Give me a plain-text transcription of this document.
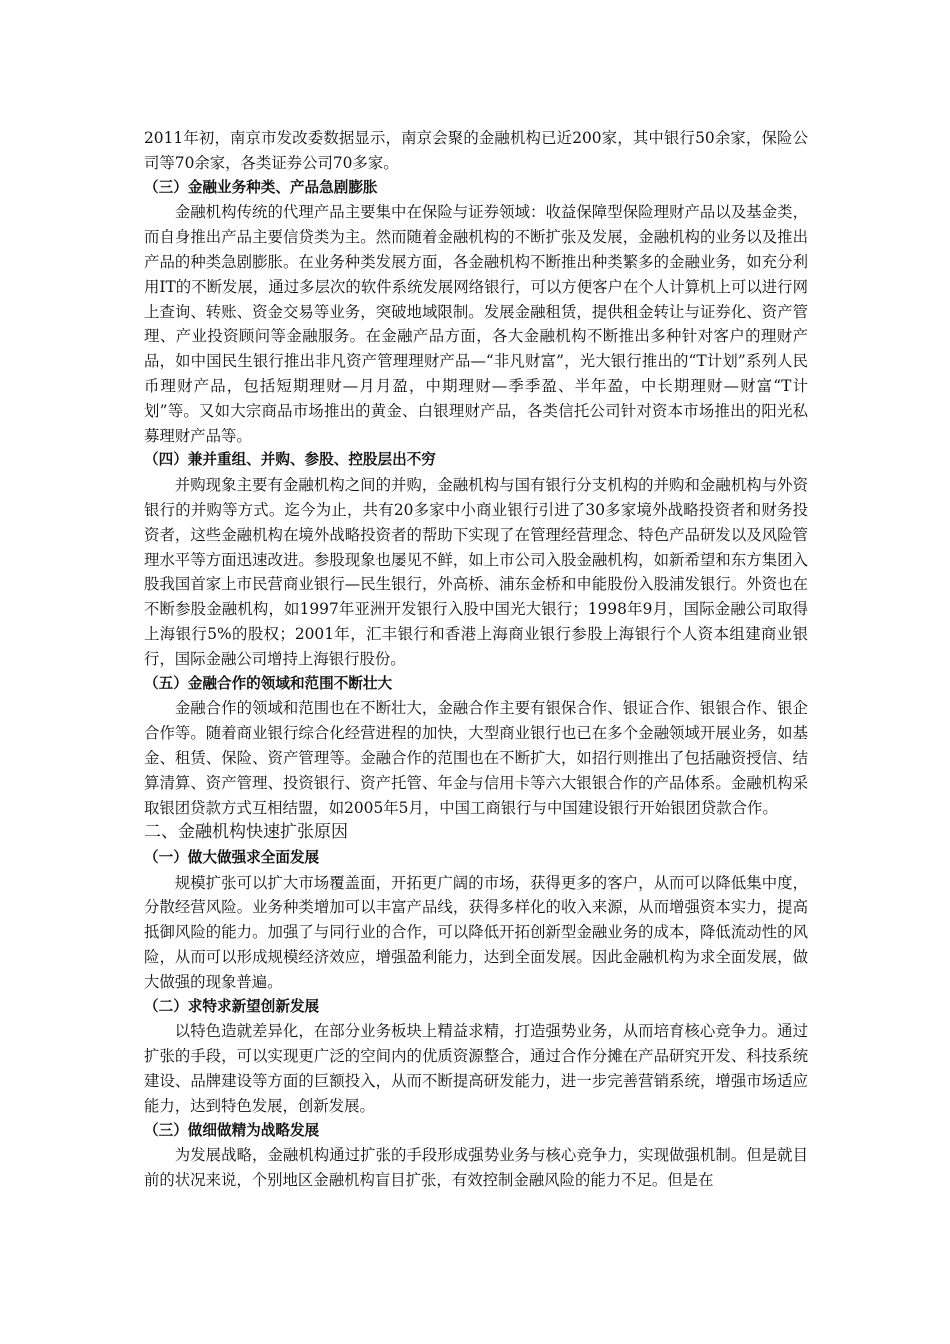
2011年初，南京市发改委数据显示，南京会聚的金融机构已近200家，其中银行50余家，保险公司等70余家，各类证券公司70多家。

（三）金融业务种类、产品急剧膨胀

金融机构传统的代理产品主要集中在保险与证券领域：收益保障型保险理财产品以及基金类，而自身推出产品主要信贷类为主。然而随着金融机构的不断扩张及发展，金融机构的业务以及推出产品的种类急剧膨胀。在业务种类发展方面，各金融机构不断推出种类繁多的金融业务，如充分利用IT的不断发展，通过多层次的软件系统发展网络银行，可以方便客户在个人计算机上可以进行网上查询、转账、资金交易等业务，突破地域限制。发展金融租赁，提供租金转让与证券化、资产管理、产业投资顾问等金融服务。在金融产品方面，各大金融机构不断推出多种针对客户的理财产品，如中国民生银行推出非凡资产管理理财产品—“非凡财富”，光大银行推出的“T计划”系列人民币理财产品，包括短期理财—月月盈，中期理财—季季盈、半年盈，中长期理财—财富“T计划”等。又如大宗商品市场推出的黄金、白银理财产品，各类信托公司针对资本市场推出的阳光私募理财产品等。

（四）兼并重组、并购、参股、控股层出不穷

并购现象主要有金融机构之间的并购，金融机构与国有银行分支机构的并购和金融机构与外资银行的并购等方式。迄今为止，共有20多家中小商业银行引进了30多家境外战略投资者和财务投资者，这些金融机构在境外战略投资者的帮助下实现了在管理经营理念、特色产品研发以及风险管理水平等方面迅速改进。参股现象也屡见不鲜，如上市公司入股金融机构，如新希望和东方集团入股我国首家上市民营商业银行—民生银行，外高桥、浦东金桥和申能股份入股浦发银行。外资也在不断参股金融机构，如1997年亚洲开发银行入股中国光大银行；1998年9月，国际金融公司取得上海银行5%的股权；2001年，汇丰银行和香港上海商业银行参股上海银行个人资本组建商业银行，国际金融公司增持上海银行股份。

（五）金融合作的领域和范围不断壮大

金融合作的领域和范围也在不断壮大，金融合作主要有银保合作、银证合作、银银合作、银企合作等。随着商业银行综合化经营进程的加快，大型商业银行也已在多个金融领域开展业务，如基金、租赁、保险、资产管理等。金融合作的范围也在不断扩大，如招行则推出了包括融资授信、结算清算、资产管理、投资银行、资产托管、年金与信用卡等六大银银合作的产品体系。金融机构采取银团贷款方式互相结盟，如2005年5月，中国工商银行与中国建设银行开始银团贷款合作。

二、金融机构快速扩张原因

（一）做大做强求全面发展

规模扩张可以扩大市场覆盖面，开拓更广阔的市场，获得更多的客户，从而可以降低集中度，分散经营风险。业务种类增加可以丰富产品线，获得多样化的收入来源，从而增强资本实力，提高抵御风险的能力。加强了与同行业的合作，可以降低开拓创新型金融业务的成本，降低流动性的风险，从而可以形成规模经济效应，增强盈利能力，达到全面发展。因此金融机构为求全面发展，做大做强的现象普遍。

（二）求特求新望创新发展

以特色造就差异化，在部分业务板块上精益求精，打造强势业务，从而培育核心竞争力。通过扩张的手段，可以实现更广泛的空间内的优质资源整合，通过合作分摊在产品研究开发、科技系统建设、品牌建设等方面的巨额投入，从而不断提高研发能力，进一步完善营销系统，增强市场适应能力，达到特色发展，创新发展。

（三）做细做精为战略发展

为发展战略，金融机构通过扩张的手段形成强势业务与核心竞争力，实现做强机制。但是就目前的状况来说，个别地区金融机构盲目扩张，有效控制金融风险的能力不足。但是在
